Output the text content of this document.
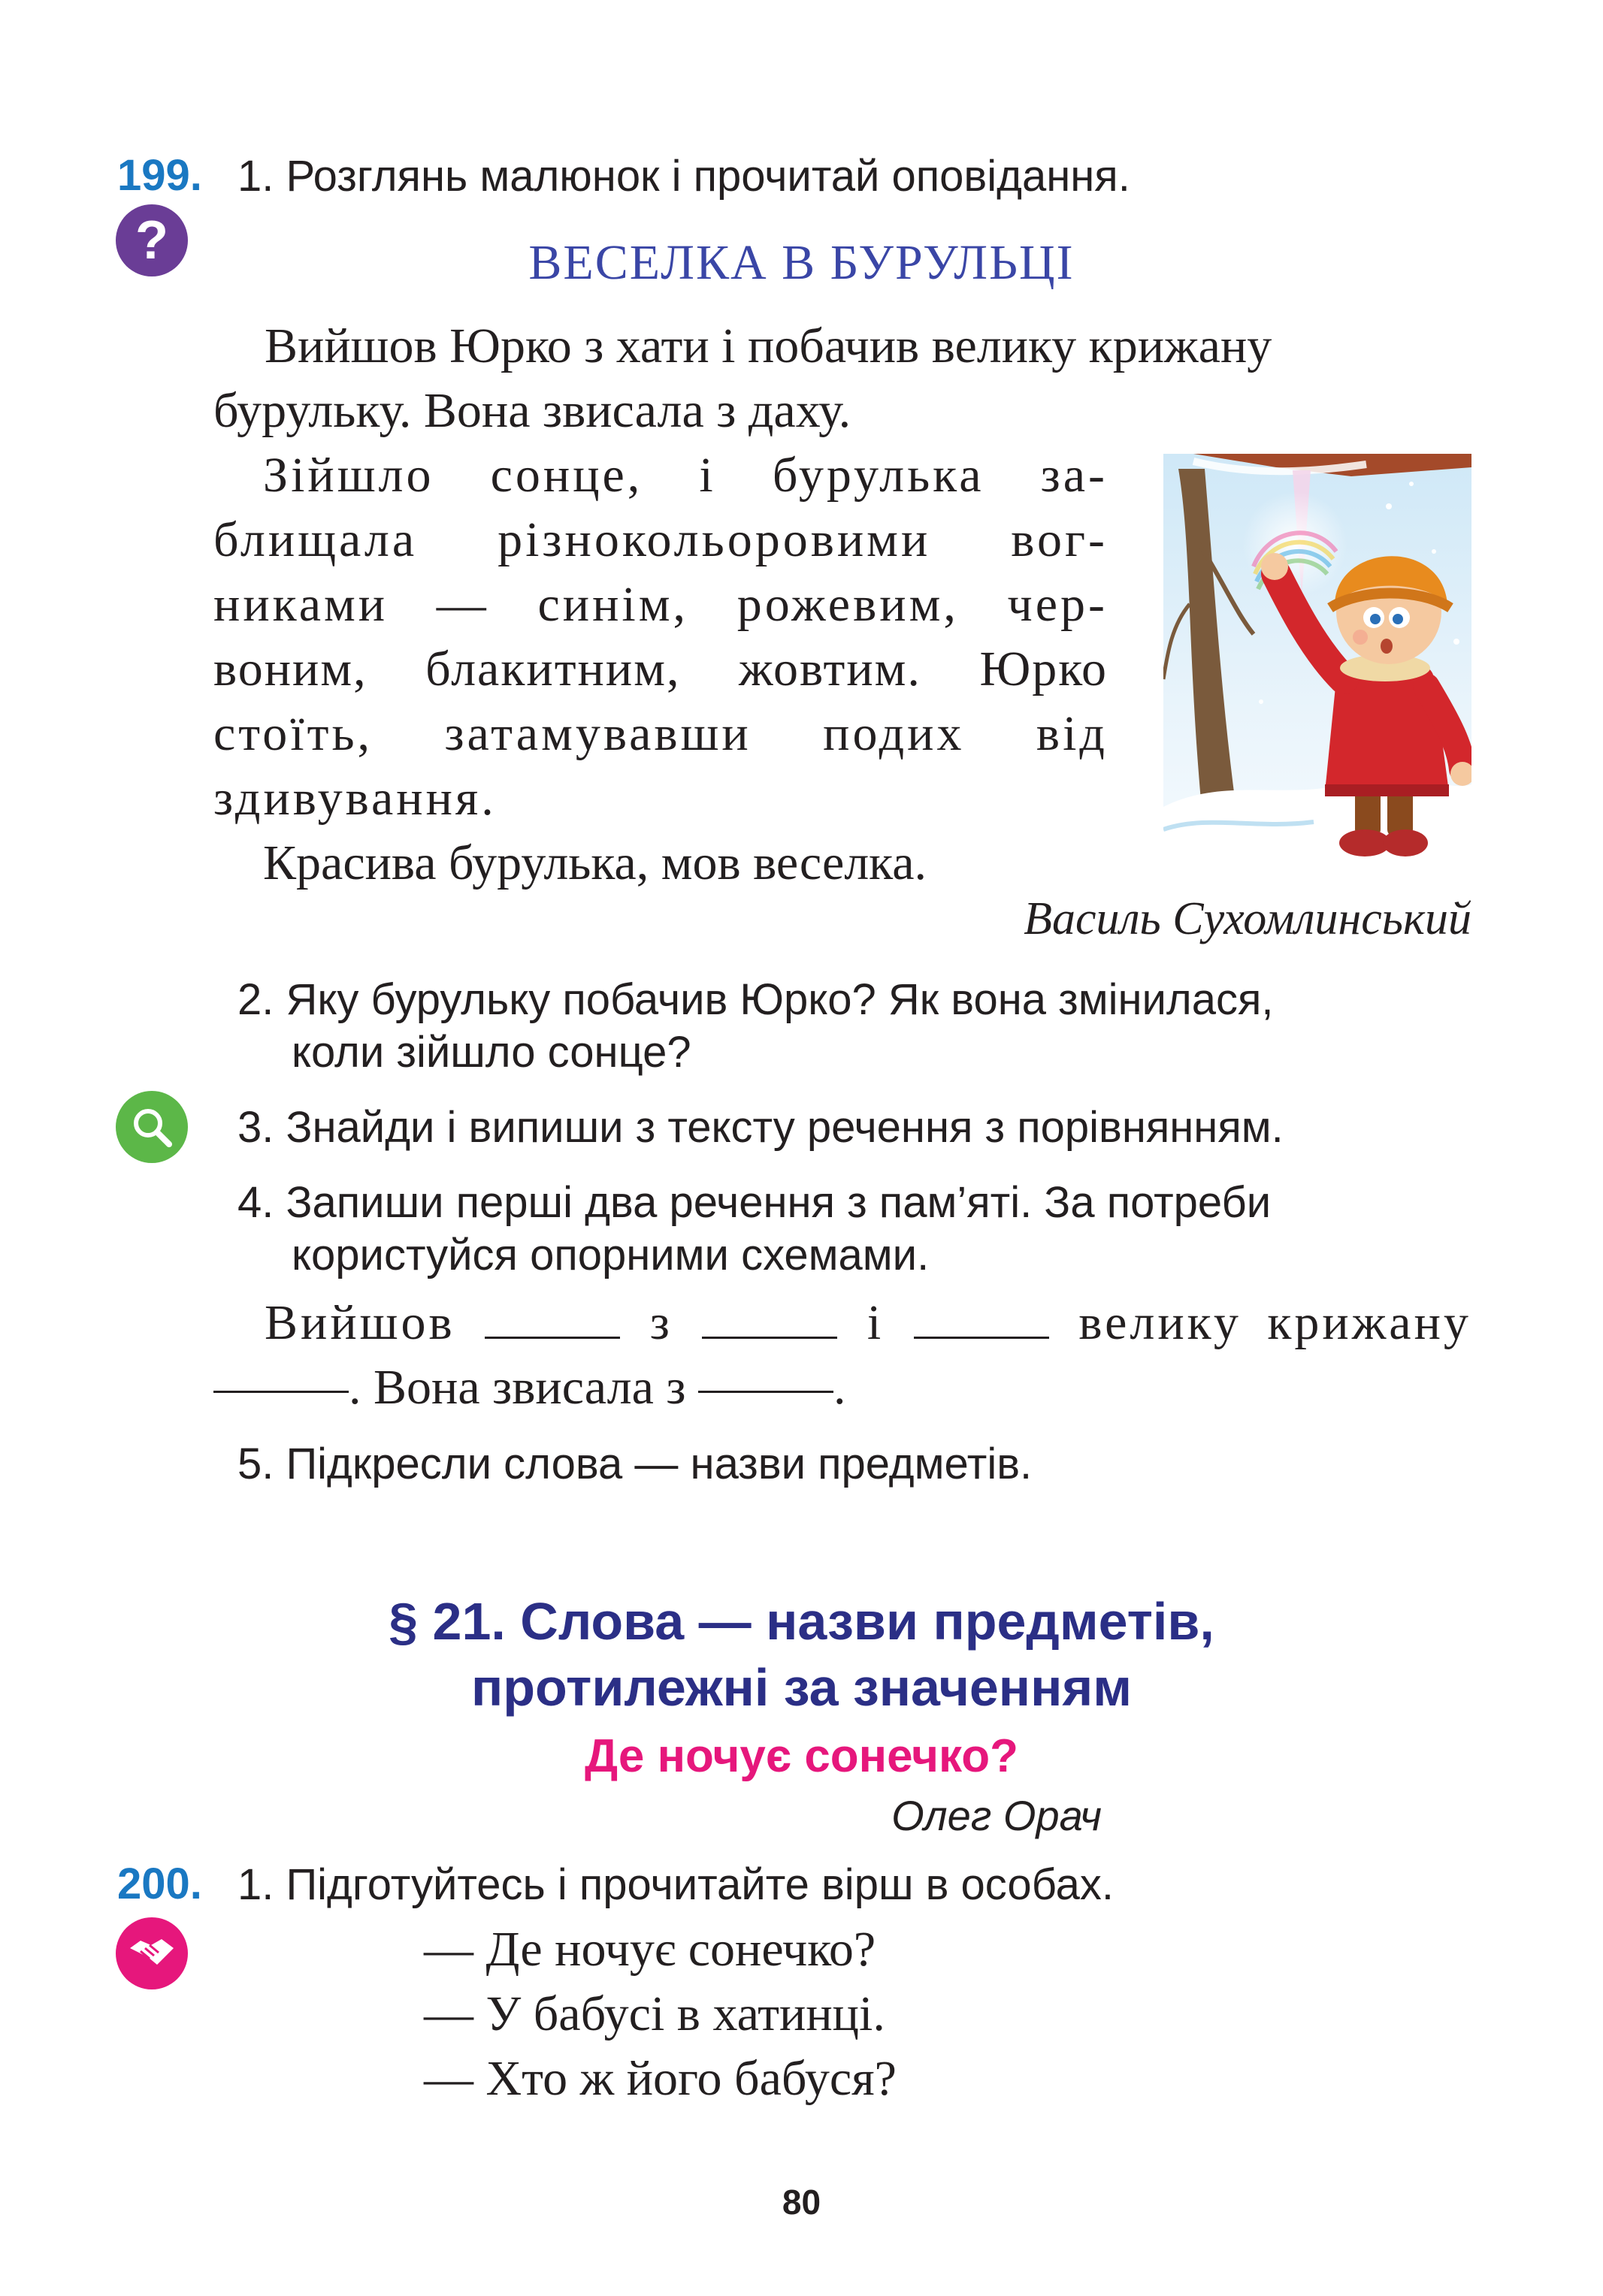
199. 1. Розглянь малюнок і прочитай оповідання.
?	ВЕСЕЛКА В БУРУЛЬЦІ
Вийшов Юрко з хати і побачив велику крижану
бурульку. Вона звисала з даху.
Зійшло сонце, і бурулька за-
блищала різнокольоровими вог-
никами — синім, рожевим, чер-
воним, блакитним, жовтим. Юрко
стоїть, затамувавши подих від
здивування.
Красива бурулька, мов веселка.
Василь Сухомлинський
2. Яку бурульку побачив Юрко? Як вона змінилася,
коли зійшло сонце?
3. Знайди і випиши з тексту речення з порівнянням.
4. Запиши перші два речення з пам’яті. За потреби
користуйся опорними схемами.
Вийшов	з	і	велику крижану
. Вона звисала з	.
5. Підкресли слова — назви предметів.
§ 21. Слова — назви предметів,
протилежні за значенням
Де ночує сонечко?
Олег Орач
200. 1. Підготуйтесь і прочитайте вірш в особах.
— Де ночує сонечко?
— У бабусі в хатинці.
— Хто ж його бабуся?
80
